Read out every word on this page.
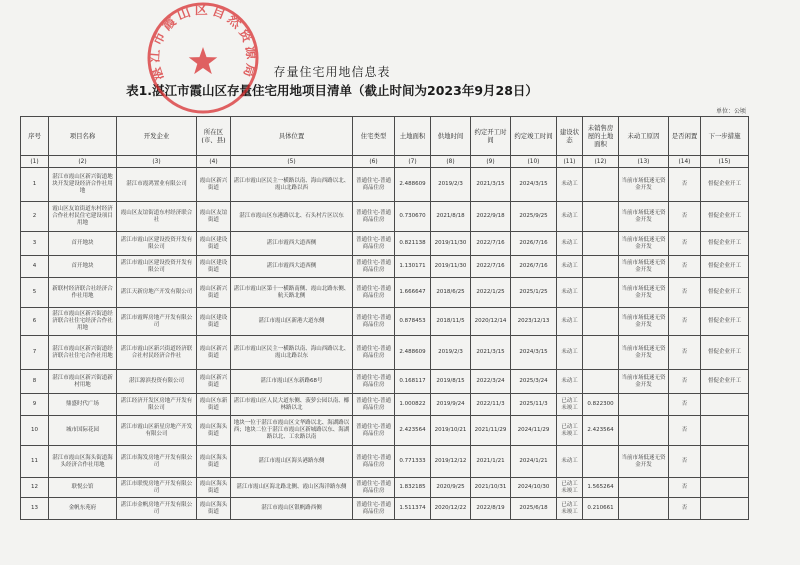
存量住宅用地信息表
表1.湛江市霞山区存量住宅用地项目清单（截止时间为2023年9月28日）
单位：公顷
序号	项目名称	开发企业	所在区(市、县)	具体位置	住宅类型	土地面积	供地时间	约定开工时间	约定竣工时间	建设状态	未销售房屋的土地面积	未动工原因	是否闲置	下一步措施
(1)	(2)	(3)	(4)	(5)	(6)	(7)	(8)	(9)	(10)	(11)	(12)	(13)	(14)	(15)
1	湛江市霞山区新兴街道地块开发建设经济合作社用地	湛江市霞鸿置业有限公司	霞山区新兴街道	湛江市霞山区民主一横路以南、海山西路以北、霞山北路以西	普通住宅-普通商品住房	2.488609	2019/2/3	2021/3/15	2024/3/15	未动工		当前市场低迷无资金开发	否	督促企业开工
2	霞山区友谊街道东村经济合作社村民住宅建设项目用地	霞山区友谊街道东村经济联合社	霞山区友谊街道	湛江市霞山区东港路以北、石头村片区以东	普通住宅-普通商品住房	0.730670	2021/8/18	2022/9/18	2025/9/25	未动工		当前市场低迷无资金开发	否	督促企业开工
3	首开地块	湛江市霞山区建设投资开发有限公司	霞山区建设街道	湛江市霞西大道西侧	普通住宅-普通商品住房	0.821138	2019/11/30	2022/7/16	2026/7/16	未动工		当前市场低迷无资金开发	否	督促企业开工
4	首开地块	湛江市霞山区建设投资开发有限公司	霞山区建设街道	湛江市霞西大道西侧	普通住宅-普通商品住房	1.130171	2019/11/30	2022/7/16	2026/7/16	未动工		当前市场低迷无资金开发	否	督促企业开工
5	新联村经济联合社经济合作社用地	湛江天新房地产开发有限公司	霞山区新兴街道	湛江市霞山区第十一横路南侧、霞山北路东侧、航天路北侧	普通住宅-普通商品住房	1.666647	2018/6/25	2022/1/25	2025/1/25	未动工		当前市场低迷无资金开发	否	督促企业开工
6	湛江市霞山区新兴街道经济联合社住宅经济合作社用地	湛江市霞晖房地产开发有限公司	霞山区建设街道	湛江市霞山区新港大道东侧	普通住宅-普通商品住房	0.878453	2018/11/5	2020/12/14	2023/12/13	未动工		当前市场低迷无资金开发	否	督促企业开工
7	湛江市霞山区新兴街道经济联合社住宅合作社用地	湛江市霞山区新兴街道经济联合社村民经济合作社	霞山区新兴街道	湛江市霞山区民主一横路以南、海山西路以北、霞山北路以东	普通住宅-普通商品住房	2.488609	2019/2/3	2021/3/15	2024/3/15	未动工		当前市场低迷无资金开发	否	督促企业开工
8	湛江市霞山区新兴街道新村用地	湛江源滨投资有限公司	霞山区新兴街道	湛江市霞山区东新路68号	普通住宅-普通商品住房	0.168117	2019/8/15	2022/3/24	2025/3/24	未动工		当前市场低迷无资金开发	否	督促企业开工
9	鼎盛时代广场	湛江经济开发区房地产开发有限公司	霞山区东新街道	湛江市霞山区人民大道东侧、菠萝公园以南、椰林路以北	普通住宅-普通商品住房	1.000822	2019/9/24	2022/11/3	2025/11/3	已动工未竣工	0.822300		否	
10	城市国际花园	湛江市霞山区新星房地产开发有限公司	霞山区海头街道	地块一位于湛江市霞山区文华路以北、海湖路以西；地块二位于湛江市霞山区新城路以东、海湖路以北、工农路以南	普通住宅-普通商品住房	2.423564	2019/10/21	2021/11/29	2024/11/29	已动工未竣工	2.423564		否	
11	湛江市霞山区海头街道海头经济合作社用地	湛江市海发房地产开发有限公司	霞山区海头街道	湛江市霞山区海头港路东侧	普通住宅-普通商品住房	0.771333	2019/12/12	2021/1/21	2024/1/21	未动工		当前市场低迷无资金开发	否	
12	联悦公馆	湛江市联悦房地产开发有限公司	霞山区海头街道	湛江市霞山区海北路北侧、霞山区海洋路东侧	普通住宅-普通商品住房	1.832185	2020/9/25	2021/10/31	2024/10/30	已动工未竣工	1.565264		否	
13	金帆东苑府	湛江市金帆房地产开发有限公司	霞山区海头街道	湛江市霞山区银帆路西侧	普通住宅-普通商品住房	1.511374	2020/12/22	2022/8/19	2025/6/18	已动工未竣工	0.210661		否	
湛江市霞山区自然资源局
